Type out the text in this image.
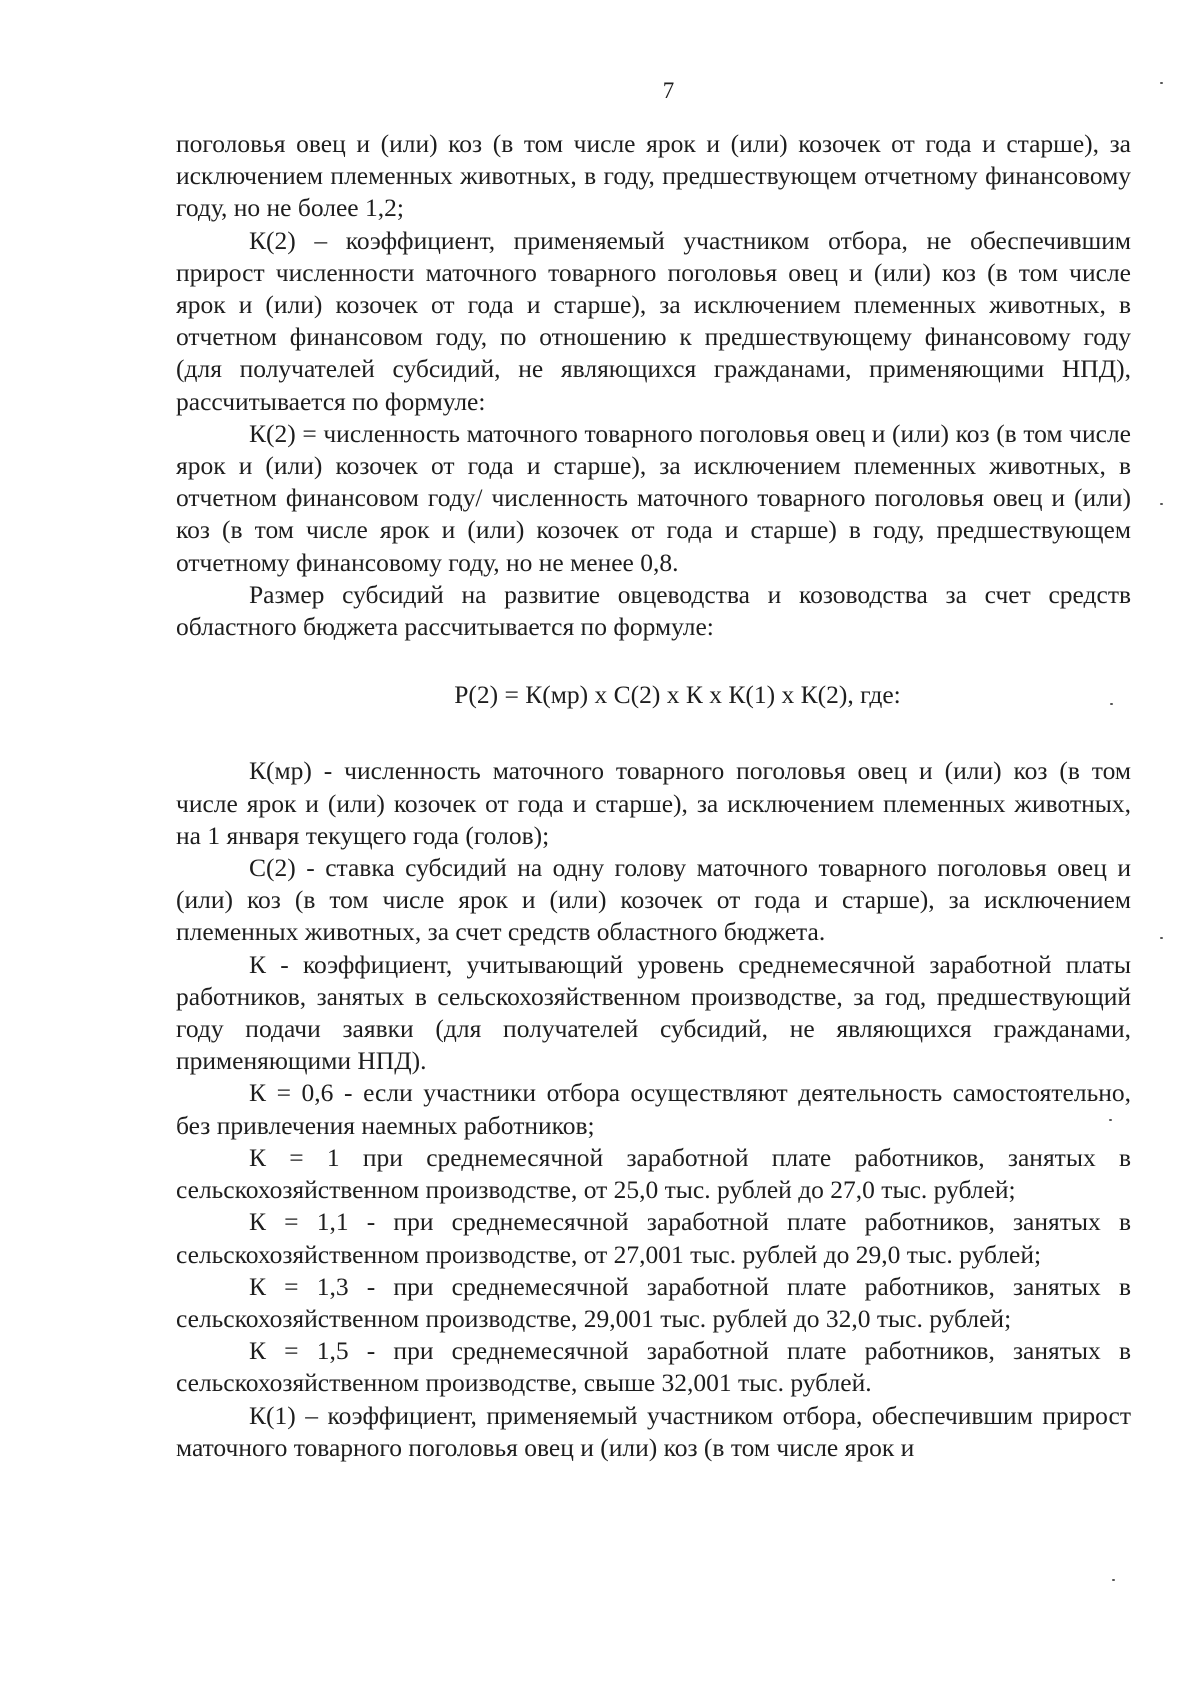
7

поголовья овец и (или) коз (в том числе ярок и (или) козочек от года и старше), за исключением племенных животных, в году, предшествующем отчетному финансовому году, но не более 1,2;

К(2) – коэффициент, применяемый участником отбора, не обеспечившим прирост численности маточного товарного поголовья овец и (или) коз (в том числе ярок и (или) козочек от года и старше), за исключением племенных животных, в отчетном финансовом году, по отношению к предшествующему финансовому году (для получателей субсидий, не являющихся гражданами, применяющими НПД), рассчитывается по формуле:

К(2) = численность маточного товарного поголовья овец и (или) коз (в том числе ярок и (или) козочек от года и старше), за исключением племенных животных, в отчетном финансовом году/ численность маточного товарного поголовья овец и (или) коз (в том числе ярок и (или) козочек от года и старше) в году, предшествующем отчетному финансовому году, но не менее 0,8.

Размер субсидий на развитие овцеводства и козоводства за счет средств областного бюджета рассчитывается по формуле:

Р(2) = К(мр) х С(2) х К х К(1) х К(2), где:

К(мр) - численность маточного товарного поголовья овец и (или) коз (в том числе ярок и (или) козочек от года и старше), за исключением племенных животных, на 1 января текущего года (голов);

С(2) - ставка субсидий на одну голову маточного товарного поголовья овец и (или) коз (в том числе ярок и (или) козочек от года и старше), за исключением племенных животных, за счет средств областного бюджета.

К - коэффициент, учитывающий уровень среднемесячной заработной платы работников, занятых в сельскохозяйственном производстве, за год, предшествующий году подачи заявки (для получателей субсидий, не являющихся гражданами, применяющими НПД).

К = 0,6 - если участники отбора осуществляют деятельность самостоятельно, без привлечения наемных работников;

К = 1 при среднемесячной заработной плате работников, занятых в сельскохозяйственном производстве, от 25,0 тыс. рублей до 27,0 тыс. рублей;

К = 1,1 - при среднемесячной заработной плате работников, занятых в сельскохозяйственном производстве, от 27,001 тыс. рублей до 29,0 тыс. рублей;

К = 1,3 - при среднемесячной заработной плате работников, занятых в сельскохозяйственном производстве, 29,001 тыс. рублей до 32,0 тыс. рублей;

К = 1,5 - при среднемесячной заработной плате работников, занятых в сельскохозяйственном производстве, свыше 32,001 тыс. рублей.

К(1) – коэффициент, применяемый участником отбора, обеспечившим прирост маточного товарного поголовья овец и (или) коз (в том числе ярок и
